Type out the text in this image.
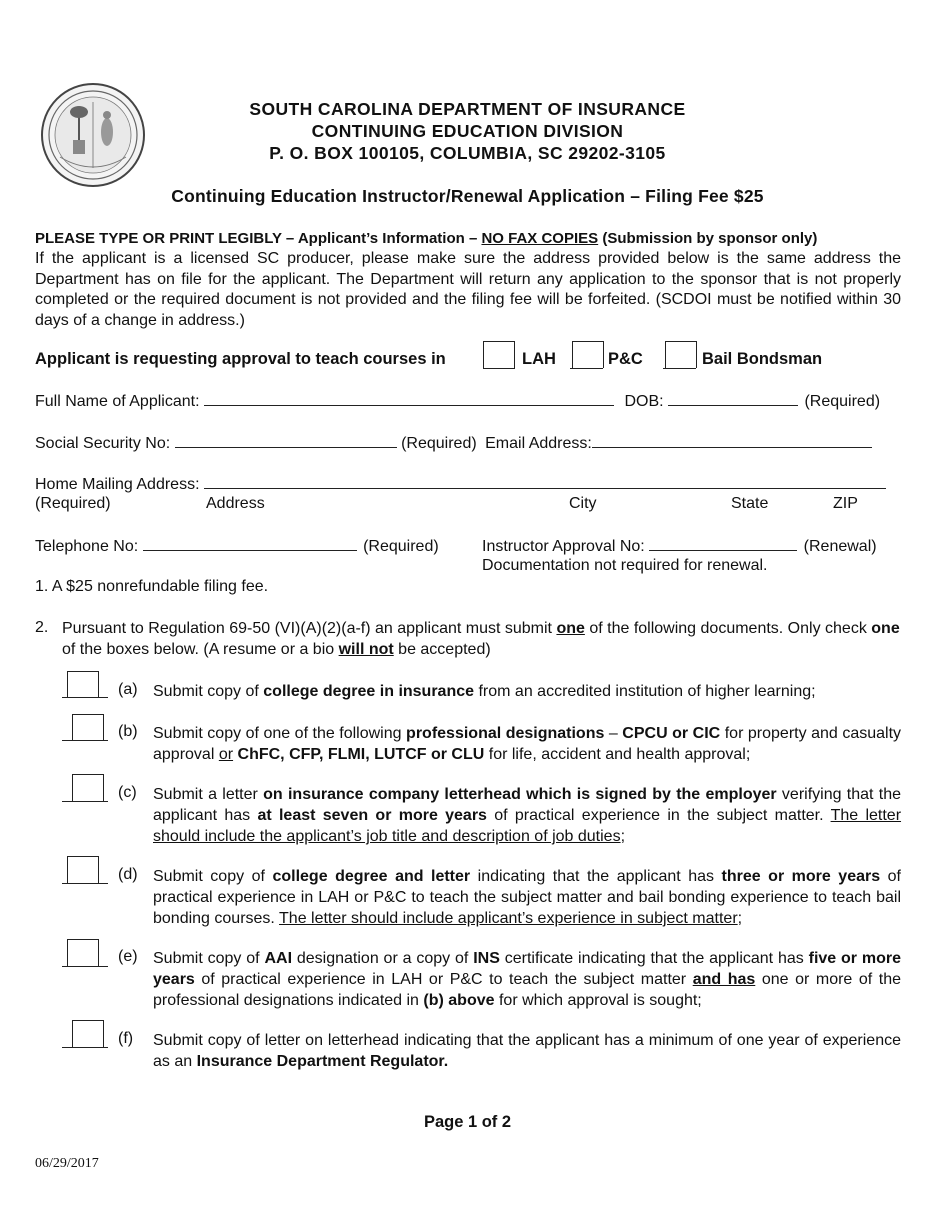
SOUTH CAROLINA DEPARTMENT OF INSURANCE
CONTINUING EDUCATION DIVISION
P. O. BOX 100105, COLUMBIA, SC 29202-3105
Continuing Education Instructor/Renewal Application – Filing Fee $25
PLEASE TYPE OR PRINT LEGIBLY – Applicant’s Information – NO FAX COPIES (Submission by sponsor only)
If the applicant is a licensed SC producer, please make sure the address provided below is the same address the Department has on file for the applicant. The Department will return any application to the sponsor that is not properly completed or the required document is not provided and the filing fee will be forfeited. (SCDOI must be notified within 30 days of a change in address.)
Applicant is requesting approval to teach courses in	LAH	P&C	Bail Bondsman
Full Name of Applicant:	DOB:	(Required)
Social Security No:	(Required) Email Address:
Home Mailing Address:
(Required)	Address	City	State	ZIP
Telephone No:	(Required)	Instructor Approval No:	(Renewal)
Documentation not required for renewal.
1. A $25 nonrefundable filing fee.
2. Pursuant to Regulation 69-50 (VI)(A)(2)(a-f) an applicant must submit one of the following documents. Only check one of the boxes below. (A resume or a bio will not be accepted)
(a) Submit copy of college degree in insurance from an accredited institution of higher learning;
(b) Submit copy of one of the following professional designations – CPCU or CIC for property and casualty approval or ChFC, CFP, FLMI, LUTCF or CLU for life, accident and health approval;
(c) Submit a letter on insurance company letterhead which is signed by the employer verifying that the applicant has at least seven or more years of practical experience in the subject matter. The letter should include the applicant’s job title and description of job duties;
(d) Submit copy of college degree and letter indicating that the applicant has three or more years of practical experience in LAH or P&C to teach the subject matter and bail bonding experience to teach bail bonding courses. The letter should include applicant’s experience in subject matter;
(e) Submit copy of AAI designation or a copy of INS certificate indicating that the applicant has five or more years of practical experience in LAH or P&C to teach the subject matter and has one or more of the professional designations indicated in (b) above for which approval is sought;
(f) Submit copy of letter on letterhead indicating that the applicant has a minimum of one year of experience as an Insurance Department Regulator.
Page 1 of 2
06/29/2017
